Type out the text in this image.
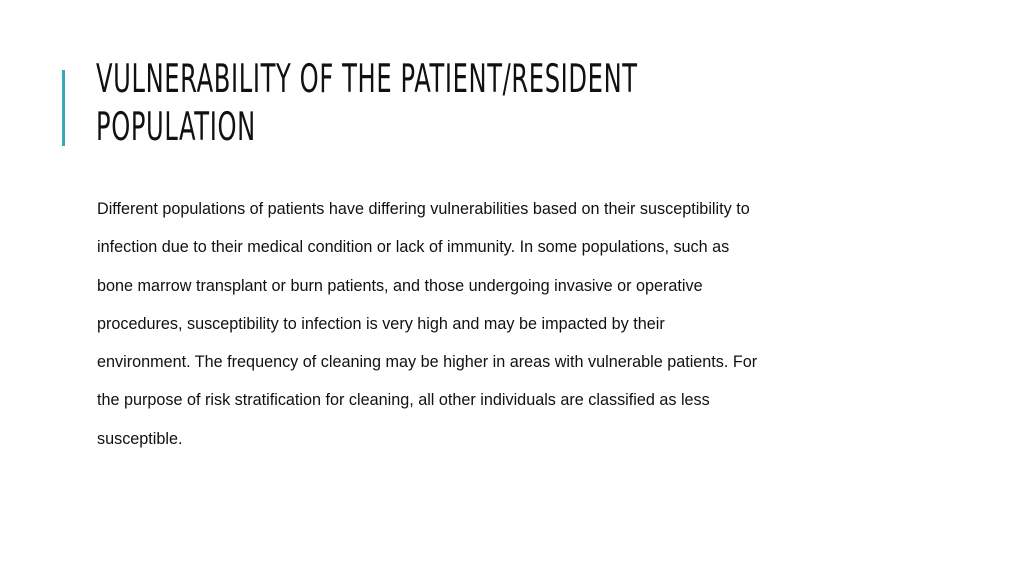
VULNERABILITY OF THE PATIENT/RESIDENT
POPULATION

Different populations of patients have differing vulnerabilities based on their susceptibility to
infection due to their medical condition or lack of immunity. In some populations, such as
bone marrow transplant or burn patients, and those undergoing invasive or operative
procedures, susceptibility to infection is very high and may be impacted by their
environment. The frequency of cleaning may be higher in areas with vulnerable patients. For
the purpose of risk stratification for cleaning, all other individuals are classified as less
susceptible.
